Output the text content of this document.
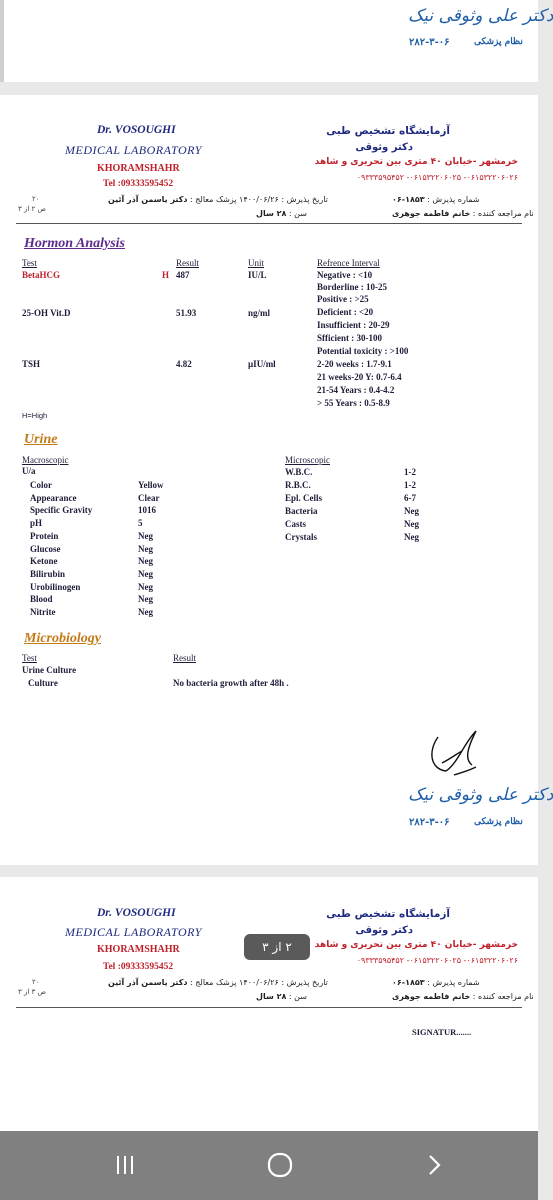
دکتر علی وثوقی نیک
۲۸۲-۳-۰۶	نظام پزشکی
Dr. VOSOUGHI
MEDICAL LABORATORY
KHORAMSHAHR
Tel :09333595452
آزمایشگاه تشخیص طبی
دکتر وثوقی
خرمشهر -خیابان ۴۰ متری بین تحریری و شاهد
۰۶۱۵۳۲۲۰۶۰۲۶- ۰۶۱۵۳۲۲۰۶۰۲۵- ۰۹۳۳۳۵۹۵۴۵۲
۲۰
ص ۲ از ۳
تاریخ پذیرش : ۱۴۰۰/۰۶/۲۶ پزشک معالج : دکتر یاسمن آذر آئین
سن : ۲۸ سال
شماره پذیرش : ۱۸۵۳-۰۶
نام مراجعه کننده : خانم فاطمه جوهری
Hormon Analysis
Test	Result	Unit	Refrence Interval
BetaHCG	H 487	IU/L	Negative : <10
Borderline : 10-25
Positive : >25
25-OH Vit.D	51.93	ng/ml	Deficient : <20
Insufficient : 20-29
Sfficient : 30-100
Potential toxicity : >100
TSH	4.82	µIU/ml	2-20 weeks : 1.7-9.1
21 weeks-20 Y: 0.7-6.4
21-54 Years : 0.4-4.2
> 55 Years : 0.5-8.9
H=High
Urine
Macroscopic
U/a
Color	Yellow
Appearance	Clear
Specific Gravity	1016
pH	5
Protein	Neg
Glucose	Neg
Ketone	Neg
Bilirubin	Neg
Urobilinogen	Neg
Blood	Neg
Nitrite	Neg
Microscopic
W.B.C.	1-2
R.B.C.	1-2
Epl. Cells	6-7
Bacteria	Neg
Casts	Neg
Crystals	Neg
Microbiology
Test	Result
Urine Culture
Culture	No bacteria growth after 48h .
دکتر علی وثوقی نیک
۲۸۲-۳-۰۶	نظام پزشکی
Dr. VOSOUGHI
MEDICAL LABORATORY
KHORAMSHAHR
Tel :09333595452
آزمایشگاه تشخیص طبی
دکتر وثوقی
خرمشهر -خیابان ۴۰ متری بین تحریری و شاهد
۰۶۱۵۳۲۲۰۶۰۲۶- ۰۶۱۵۳۲۲۰۶۰۲۵- ۰۹۳۳۳۵۹۵۴۵۲
۲ از ۳
۲۰
ص ۳ از ۳
تاریخ پذیرش : ۱۴۰۰/۰۶/۲۶ پزشک معالج : دکتر یاسمن آذر آئین
سن : ۲۸ سال
شماره پذیرش : ۱۸۵۳-۰۶
نام مراجعه کننده : خانم فاطمه جوهری
SIGNATUR.......
